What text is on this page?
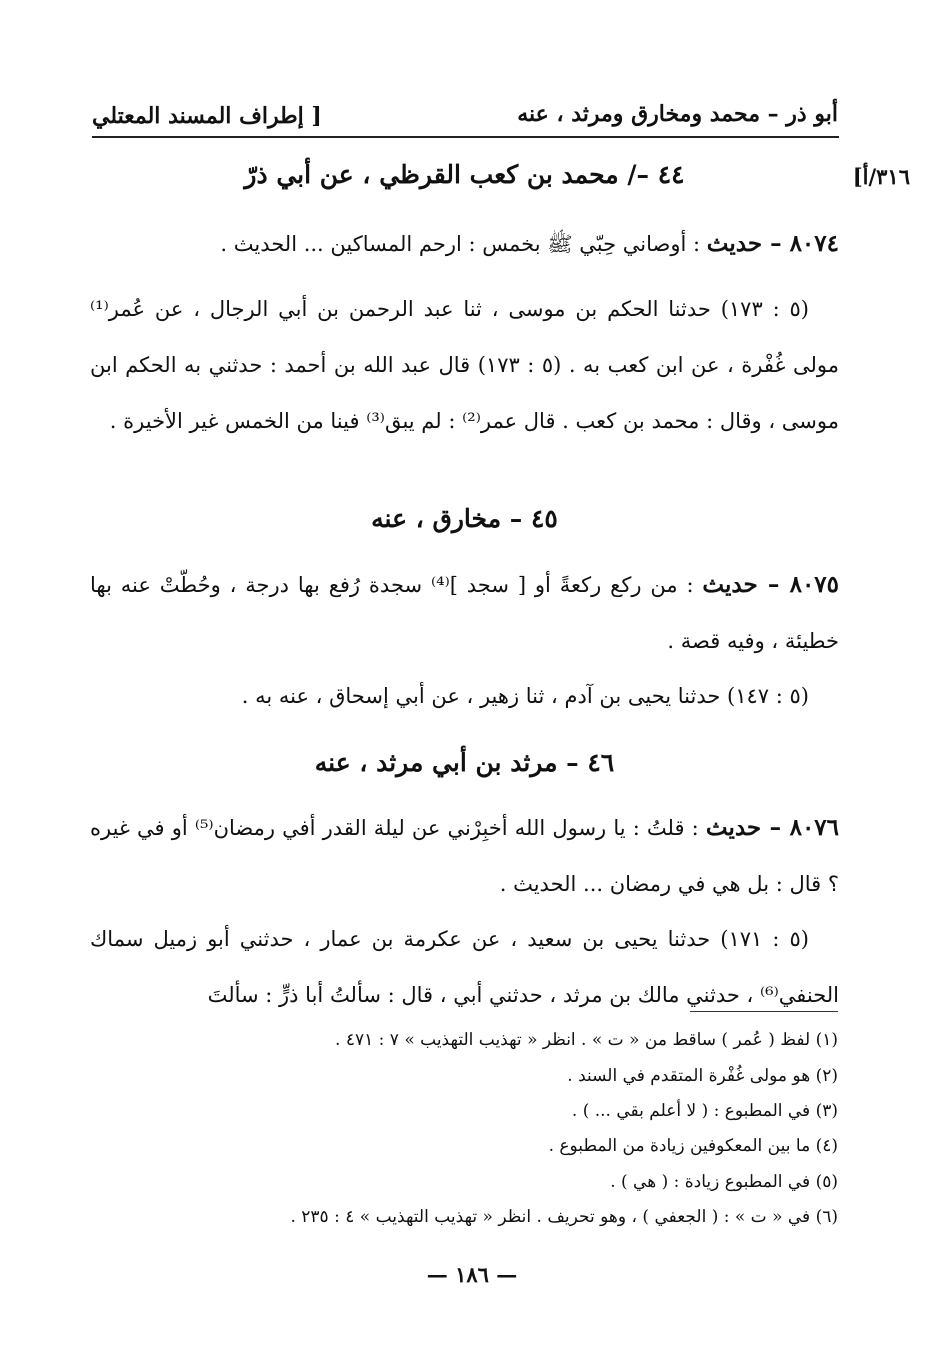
أبو ذر – محمد ومخارق ومرثد ، عنه
[ إطراف المسند المعتلي
٣١٦/أ]
٤٤ –/ محمد بن كعب القرظي ، عن أبي ذرّ
٨٠٧٤ – حديث : أوصاني حِبّي ﷺ بخمس : ارحم المساكين ... الحديث .
(٥ : ١٧٣) حدثنا الحكم بن موسى ، ثنا عبد الرحمن بن أبي الرجال ، عن عُمر⁽¹⁾ مولى غُفْرة ، عن ابن كعب به . (٥ : ١٧٣) قال عبد الله بن أحمد : حدثني به الحكم ابن موسى ، وقال : محمد بن كعب . قال عمر⁽²⁾ : لم يبق⁽³⁾ فينا من الخمس غير الأخيرة .
٤٥ – مخارق ، عنه
٨٠٧٥ – حديث : من ركع ركعةً أو [ سجد ]⁽⁴⁾ سجدة رُفع بها درجة ، وحُطّتْ عنه بها خطيئة ، وفيه قصة .
(٥ : ١٤٧) حدثنا يحيى بن آدم ، ثنا زهير ، عن أبي إسحاق ، عنه به .
٤٦ – مرثد بن أبي مرثد ، عنه
٨٠٧٦ – حديث : قلتُ : يا رسول الله أخبِرْني عن ليلة القدر أفي رمضان⁽⁵⁾ أو في غيره ؟ قال : بل هي في رمضان ... الحديث .
(٥ : ١٧١) حدثنا يحيى بن سعيد ، عن عكرمة بن عمار ، حدثني أبو زميل سماك الحنفي⁽⁶⁾ ، حدثني مالك بن مرثد ، حدثني أبي ، قال : سألتُ أبا ذرٍّ : سألتَ
(١) لفظ ( عُمر ) ساقط من « ت » . انظر « تهذيب التهذيب » ٧ : ٤٧١ .
(٢) هو مولى غُفْرة المتقدم في السند .
(٣) في المطبوع : ( لا أعلم بقي ... ) .
(٤) ما بين المعكوفين زيادة من المطبوع .
(٥) في المطبوع زيادة : ( هي ) .
(٦) في « ت » : ( الجعفي ) ، وهو تحريف . انظر « تهذيب التهذيب » ٤ : ٢٣٥ .
— ١٨٦ —
